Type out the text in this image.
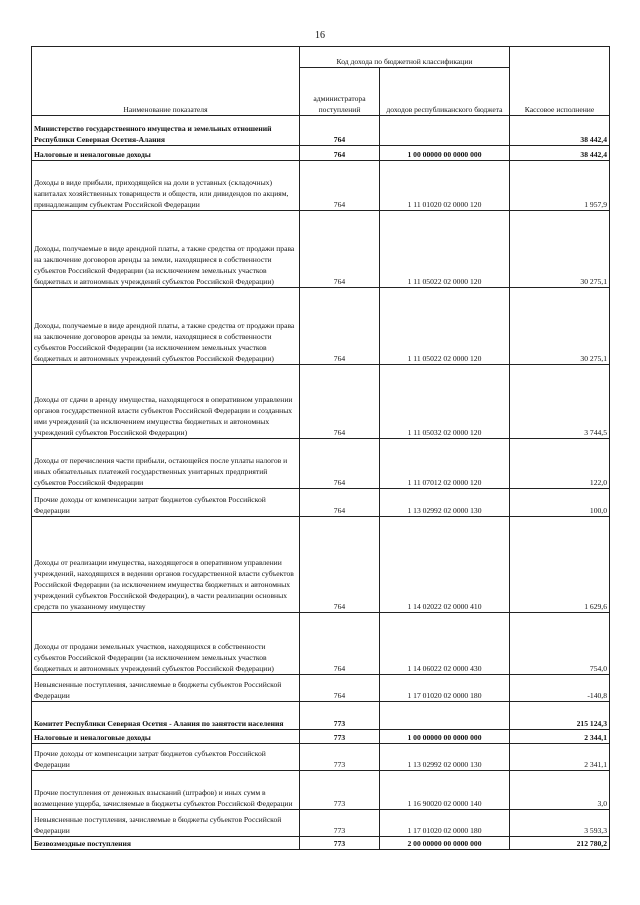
16
Наименование показателя	Код дохода по бюджетной классификации		Кассовое исполнение
	администратора поступлений	доходов республиканского бюджета	
Министерство государственного имущества и земельных отношений Республики Северная Осетия-Алания	764		38 442,4
Налоговые и неналоговые доходы	764	1 00 00000 00 0000 000	38 442,4
Доходы в виде прибыли, приходящейся на доли в уставных (складочных) капиталах хозяйственных товариществ и обществ, или дивидендов по акциям, принадлежащим субъектам Российской Федерации	764	1 11 01020 02 0000 120	1 957,9
Доходы, получаемые в виде арендной платы, а также средства от продажи права на заключение договоров аренды за земли, находящиеся в собственности субъектов Российской Федерации (за исключением земельных участков бюджетных и автономных учреждений субъектов Российской Федерации)	764	1 11 05022 02 0000 120	30 275,1
Доходы, получаемые в виде арендной платы, а также средства от продажи права на заключение договоров аренды за земли, находящиеся в собственности субъектов Российской Федерации (за исключением земельных участков бюджетных и автономных учреждений субъектов Российской Федерации)	764	1 11 05022 02 0000 120	30 275,1
Доходы от сдачи в аренду имущества, находящегося в оперативном управлении органов государственной власти субъектов Российской Федерации и созданных ими учреждений (за исключением имущества бюджетных и автономных учреждений субъектов Российской Федерации)	764	1 11 05032 02 0000 120	3 744,5
Доходы от перечисления части прибыли, остающейся после уплаты налогов и иных обязательных платежей государственных унитарных предприятий субъектов Российской Федерации	764	1 11 07012 02 0000 120	122,0
Прочие доходы от компенсации затрат бюджетов субъектов Российской Федерации	764	1 13 02992 02 0000 130	100,0
Доходы от реализации имущества, находящегося в оперативном управлении учреждений, находящихся в ведении органов государственной власти субъектов Российской Федерации (за исключением имущества бюджетных и автономных учреждений субъектов Российской Федерации), в части реализации основных средств по указанному имуществу	764	1 14 02022 02 0000 410	1 629,6
Доходы от продажи земельных участков, находящихся в собственности субъектов Российской Федерации (за исключением земельных участков бюджетных и автономных учреждений субъектов Российской Федерации)	764	1 14 06022 02 0000 430	754,0
Невыясненные поступления, зачисляемые в бюджеты субъектов Российской Федерации	764	1 17 01020 02 0000 180	-140,8
Комитет Республики Северная Осетия - Алания по занятости населения	773		215 124,3
Налоговые и неналоговые доходы	773	1 00 00000 00 0000 000	2 344,1
Прочие доходы от компенсации затрат бюджетов субъектов Российской Федерации	773	1 13 02992 02 0000 130	2 341,1
Прочие поступления от денежных взысканий (штрафов) и иных сумм в возмещение ущерба, зачисляемые в бюджеты субъектов Российской Федерации	773	1 16 90020 02 0000 140	3,0
Невыясненные поступления, зачисляемые в бюджеты субъектов Российской Федерации	773	1 17 01020 02 0000 180	3 593,3
Безвозмездные поступления	773	2 00 00000 00 0000 000	212 780,2
